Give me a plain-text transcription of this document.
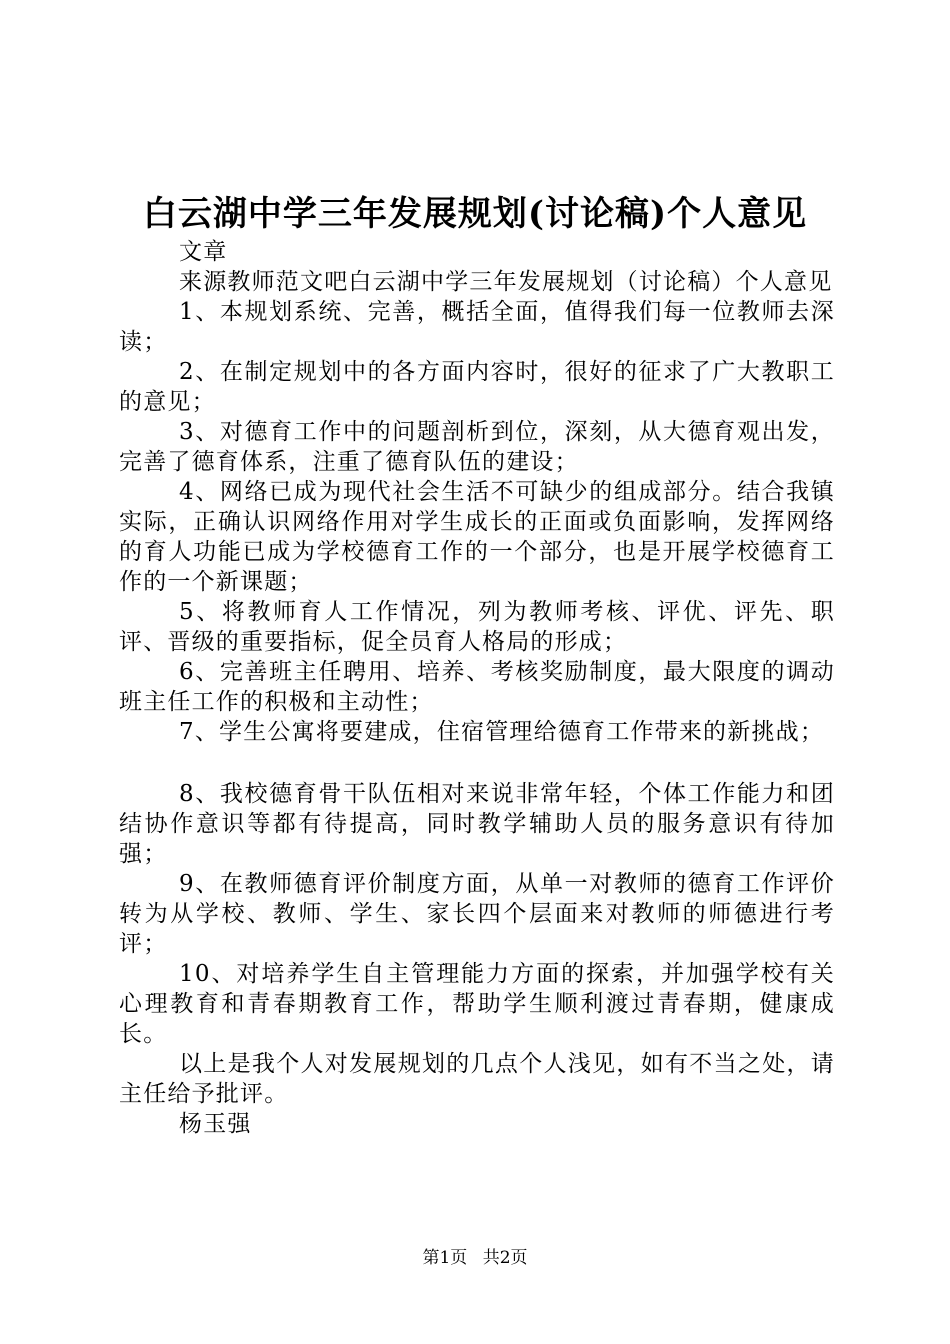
白云湖中学三年发展规划(讨论稿)个人意见

文章

来源教师范文吧白云湖中学三年发展规划（讨论稿）个人意见

1、本规划系统、完善，概括全面，值得我们每一位教师去深读；

2、在制定规划中的各方面内容时，很好的征求了广大教职工的意见；

3、对德育工作中的问题剖析到位，深刻，从大德育观出发，完善了德育体系，注重了德育队伍的建设；

4、网络已成为现代社会生活不可缺少的组成部分。结合我镇实际，正确认识网络作用对学生成长的正面或负面影响，发挥网络的育人功能已成为学校德育工作的一个部分，也是开展学校德育工作的一个新课题；

5、将教师育人工作情况，列为教师考核、评优、评先、职评、晋级的重要指标，促全员育人格局的形成；

6、完善班主任聘用、培养、考核奖励制度，最大限度的调动班主任工作的积极和主动性；

7、学生公寓将要建成，住宿管理给德育工作带来的新挑战；

8、我校德育骨干队伍相对来说非常年轻，个体工作能力和团结协作意识等都有待提高，同时教学辅助人员的服务意识有待加强；

9、在教师德育评价制度方面，从单一对教师的德育工作评价转为从学校、教师、学生、家长四个层面来对教师的师德进行考评；

10、对培养学生自主管理能力方面的探索，并加强学校有关心理教育和青春期教育工作，帮助学生顺利渡过青春期，健康成长。

以上是我个人对发展规划的几点个人浅见，如有不当之处，请主任给予批评。

杨玉强

第1页 共2页
